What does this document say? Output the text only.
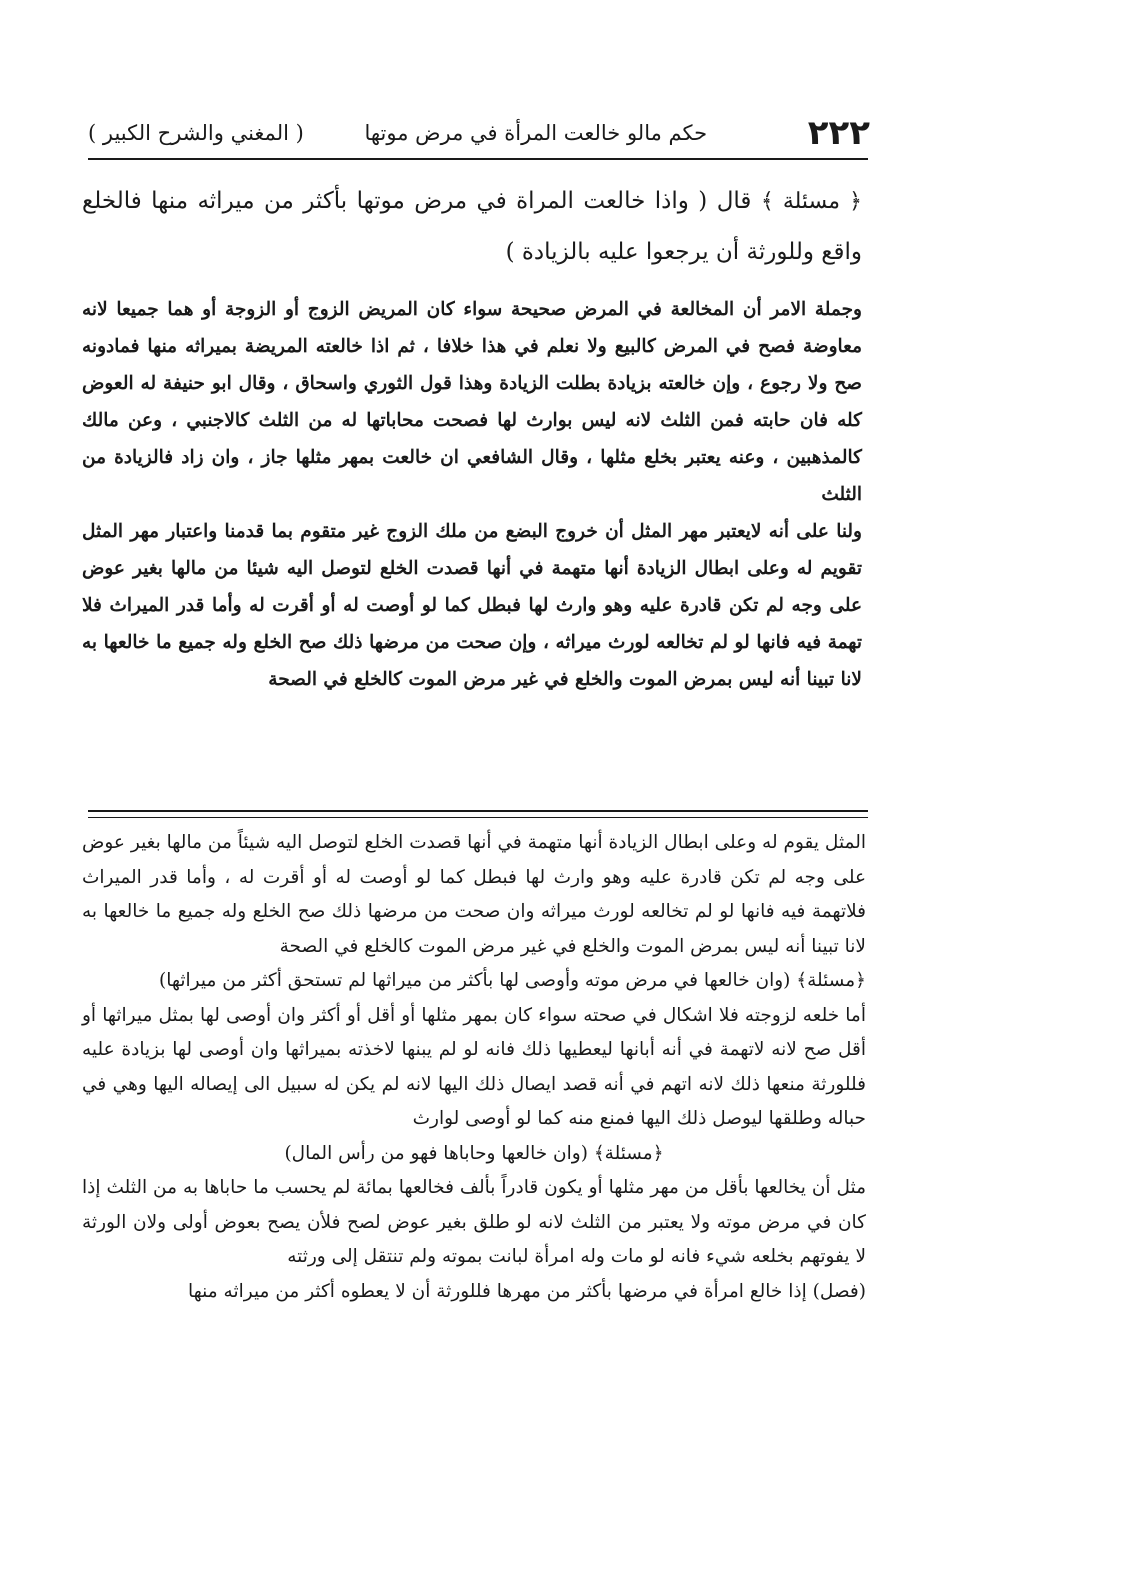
٢٢٢
حكم مالو خالعت المرأة في مرض موتها
( المغني والشرح الكبير )

﴿ مسئلة ﴾ قال ( واذا خالعت المراة في مرض موتها بأكثر من ميراثه منها فالخلع واقع وللورثة أن يرجعوا عليه بالزيادة )

وجملة الامر أن المخالعة في المرض صحيحة سواء كان المريض الزوج أو الزوجة أو هما جميعا لانه معاوضة فصح في المرض كالبيع ولا نعلم في هذا خلافا ، ثم اذا خالعته المريضة بميراثه منها فمادونه صح ولا رجوع ، وإن خالعته بزيادة بطلت الزيادة وهذا قول الثوري واسحاق ، وقال ابو حنيفة له العوض كله فان حابته فمن الثلث لانه ليس بوارث لها فصحت محاباتها له من الثلث كالاجنبي ، وعن مالك كالمذهبين ، وعنه يعتبر بخلع مثلها ، وقال الشافعي ان خالعت بمهر مثلها جاز ، وان زاد فالزيادة من الثلث

ولنا على أنه لايعتبر مهر المثل أن خروج البضع من ملك الزوج غير متقوم بما قدمنا واعتبار مهر المثل تقويم له وعلى ابطال الزيادة أنها متهمة في أنها قصدت الخلع لتوصل اليه شيئا من مالها بغير عوض على وجه لم تكن قادرة عليه وهو وارث لها فبطل كما لو أوصت له أو أقرت له وأما قدر الميراث فلا تهمة فيه فانها لو لم تخالعه لورث ميراثه ، وإن صحت من مرضها ذلك صح الخلع وله جميع ما خالعها به لانا تبينا أنه ليس بمرض الموت والخلع في غير مرض الموت كالخلع في الصحة

المثل يقوم له وعلى ابطال الزيادة أنها متهمة في أنها قصدت الخلع لتوصل اليه شيئاً من مالها بغير عوض على وجه لم تكن قادرة عليه وهو وارث لها فبطل كما لو أوصت له أو أقرت له ، وأما قدر الميراث فلاتهمة فيه فانها لو لم تخالعه لورث ميراثه وان صحت من مرضها ذلك صح الخلع وله جميع ما خالعها به لانا تبينا أنه ليس بمرض الموت والخلع في غير مرض الموت كالخلع في الصحة

﴿مسئلة﴾ (وان خالعها في مرض موته وأوصى لها بأكثر من ميراثها لم تستحق أكثر من ميراثها)

أما خلعه لزوجته فلا اشكال في صحته سواء كان بمهر مثلها أو أقل أو أكثر وان أوصى لها بمثل ميراثها أو أقل صح لانه لاتهمة في أنه أبانها ليعطيها ذلك فانه لو لم يبنها لاخذته بميراثها وان أوصى لها بزيادة عليه فللورثة منعها ذلك لانه اتهم في أنه قصد ايصال ذلك اليها لانه لم يكن له سبيل الى إيصاله اليها وهي في حباله وطلقها ليوصل ذلك اليها فمنع منه كما لو أوصى لوارث

﴿مسئلة﴾ (وان خالعها وحاباها فهو من رأس المال)

مثل أن يخالعها بأقل من مهر مثلها أو يكون قادراً بألف فخالعها بمائة لم يحسب ما حاباها به من الثلث إذا كان في مرض موته ولا يعتبر من الثلث لانه لو طلق بغير عوض لصح فلأن يصح بعوض أولى ولان الورثة لا يفوتهم بخلعه شيء فانه لو مات وله امرأة لبانت بموته ولم تنتقل إلى ورثته

(فصل) إذا خالع امرأة في مرضها بأكثر من مهرها فللورثة أن لا يعطوه أكثر من ميراثه منها
